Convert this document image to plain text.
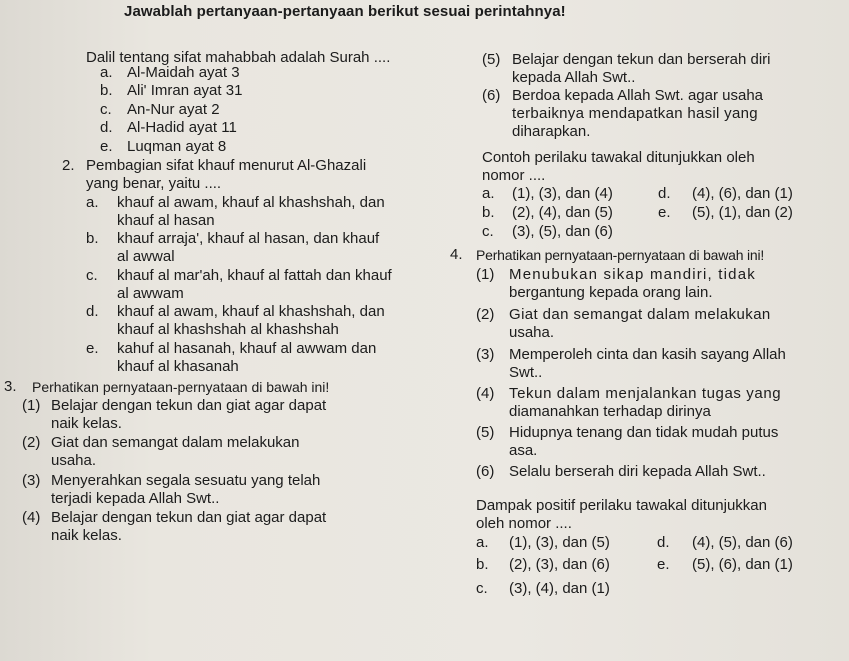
Jawablah pertanyaan-pertanyaan berikut sesuai perintahnya!
Dalil tentang sifat mahabbah adalah Surah ....
a. Al-Maidah ayat 3
b. Ali' Imran ayat 31
c. An-Nur ayat 2
d. Al-Hadid ayat 11
e. Luqman ayat 8
2. Pembagian sifat khauf menurut Al-Ghazali
yang benar, yaitu ....
a. khauf al awam, khauf al khashshah, dan
khauf al hasan
b. khauf arraja', khauf al hasan, dan khauf
al awwal
c. khauf al mar'ah, khauf al fattah dan khauf
al awwam
d. khauf al awam, khauf al khashshah, dan
khauf al khashshah al khashshah
e. kahuf al hasanah, khauf al awwam dan
khauf al khasanah
3. Perhatikan pernyataan-pernyataan di bawah ini!
(1) Belajar dengan tekun dan giat agar dapat
naik kelas.
(2) Giat dan semangat dalam melakukan
usaha.
(3) Menyerahkan segala sesuatu yang telah
terjadi kepada Allah Swt..
(4) Belajar dengan tekun dan giat agar dapat
naik kelas.
(5) Belajar dengan tekun dan berserah diri
kepada Allah Swt..
(6) Berdoa kepada Allah Swt. agar usaha
terbaiknya mendapatkan hasil yang
diharapkan.
Contoh perilaku tawakal ditunjukkan oleh
nomor ....
a. (1), (3), dan (4)	d. (4), (6), dan (1)
b. (2), (4), dan (5)	e. (5), (1), dan (2)
c. (3), (5), dan (6)
4. Perhatikan pernyataan-pernyataan di bawah ini!
(1) Menubukan sikap mandiri, tidak
bergantung kepada orang lain.
(2) Giat dan semangat dalam melakukan
usaha.
(3) Memperoleh cinta dan kasih sayang Allah
Swt..
(4) Tekun dalam menjalankan tugas yang
diamanahkan terhadap dirinya
(5) Hidupnya tenang dan tidak mudah putus
asa.
(6) Selalu berserah diri kepada Allah Swt..
Dampak positif perilaku tawakal ditunjukkan
oleh nomor ....
a. (1), (3), dan (5)	d. (4), (5), dan (6)
b. (2), (3), dan (6)	e. (5), (6), dan (1)
c. (3), (4), dan (1)
